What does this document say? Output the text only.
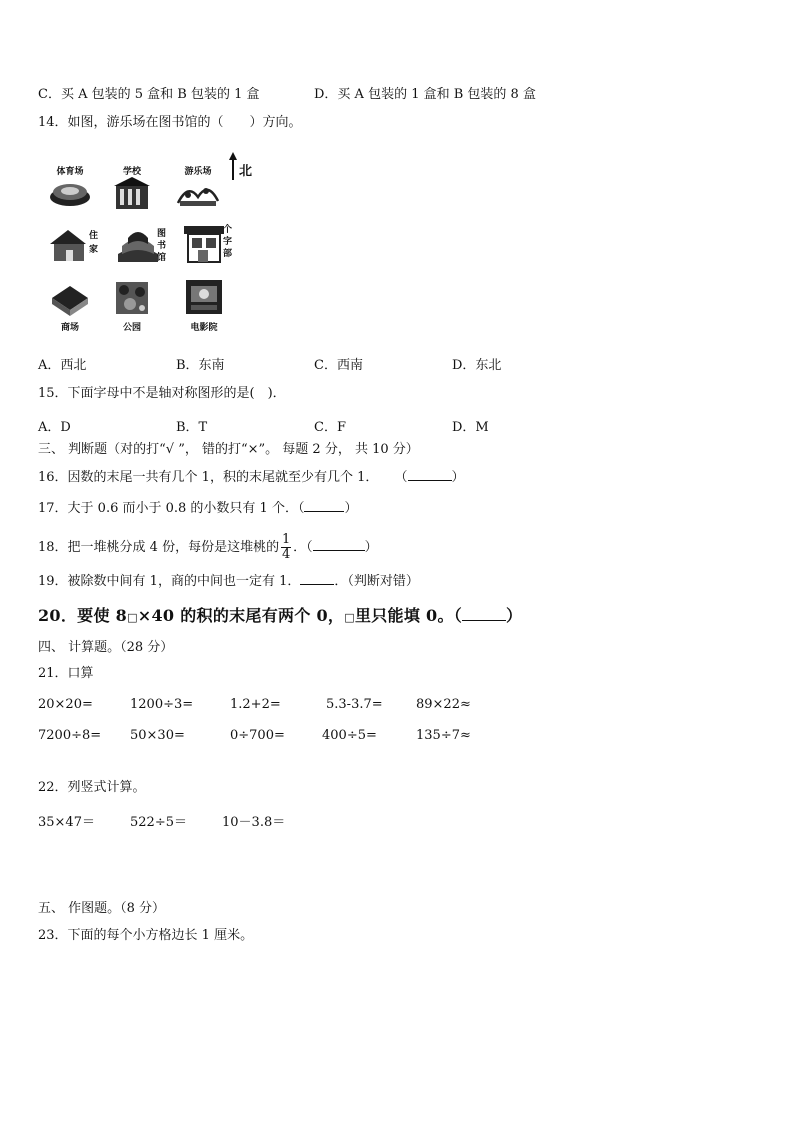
C．买 A 包装的 5 盒和 B 包装的 1 盒	D．买 A 包装的 1 盒和 B 包装的 8 盒
14．如图，游乐场在图书馆的（　　）方向。
北
体育场	学校	游乐场
住
家
图
书
馆
个
字
部
商场	公园	电影院
A．西北	B．东南	C．西南	D．东北
15．下面字母中不是轴对称图形的是(　)．
A．D	B．T	C．F	D．M
三、 判断题（对的打“√ ”， 错的打“×”。 每题 2 分， 共 10 分）
16．因数的末尾一共有几个 1，积的末尾就至少有几个 1． （	）
17．大于 0.6 而小于 0.8 的小数只有 1 个．（	）
18．把一堆桃分成 4 份，每份是这堆桃的 $\frac{1}{4}$ ．（	）
19．被除数中间有 1，商的中间也一定有 1．	．（判断对错）
20．要使 8□×40 的积的末尾有两个 0，□里只能填 0。（	）
四、 计算题。（28 分）
21．口算
20×20=	1200÷3=	1.2+2=	5.3-3.7=	89×22≈
7200÷8= 50×30=	0÷700=	400÷5=	135÷7≈
22．列竖式计算。
35×47＝	522÷5＝	10－3.8＝
五、 作图题。（8 分）
23．下面的每个小方格边长 1 厘米。
